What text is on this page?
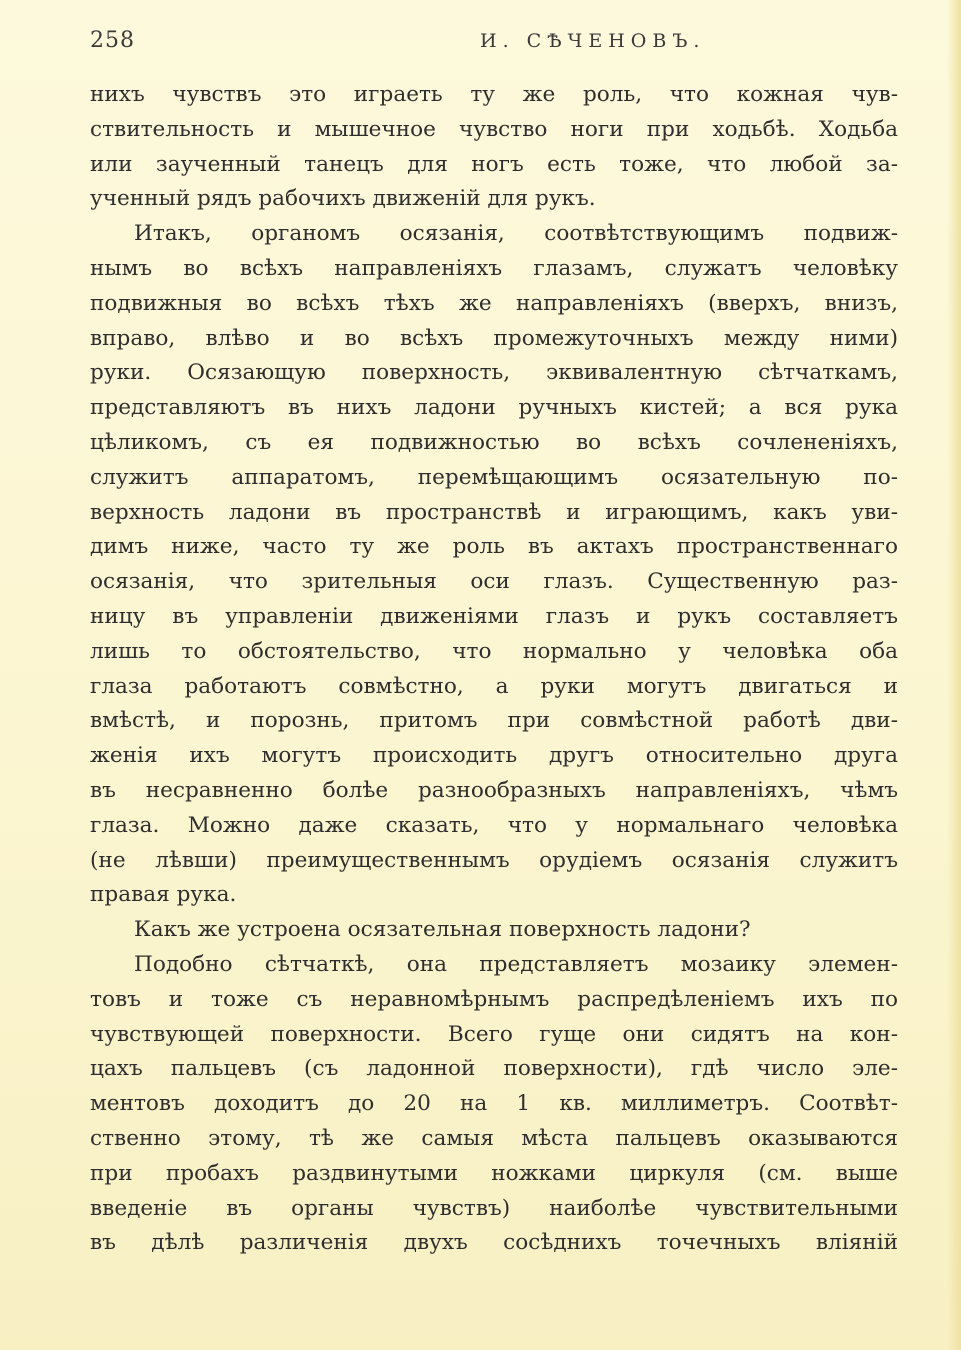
258	И. СѢЧЕНОВЪ.
нихъ чувствъ это играеть ту же роль, что кожная чув-
ствительность и мышечное чувство ноги при ходьбѣ. Ходьба
или заученный танецъ для ногъ есть тоже, что любой за-
ученный рядъ рабочихъ движеній для рукъ.
Итакъ, органомъ осязанія, соотвѣтствующимъ подвиж-
нымъ во всѣхъ направленіяхъ глазамъ, служатъ человѣку
подвижныя во всѣхъ тѣхъ же направленіяхъ (вверхъ, внизъ,
вправо, влѣво и во всѣхъ промежуточныхъ между ними)
руки. Осязающую поверхность, эквивалентную сѣтчаткамъ,
представляютъ въ нихъ ладони ручныхъ кистей; а вся рука
цѣликомъ, съ ея подвижностью во всѣхъ сочлененіяхъ,
служитъ аппаратомъ, перемѣщающимъ осязательную по-
верхность ладони въ пространствѣ и играющимъ, какъ уви-
димъ ниже, часто ту же роль въ актахъ пространственнаго
осязанія, что зрительныя оси глазъ. Существенную раз-
ницу въ управленіи движеніями глазъ и рукъ составляетъ
лишь то обстоятельство, что нормально у человѣка оба
глаза работаютъ совмѣстно, а руки могутъ двигаться и
вмѣстѣ, и порознь, притомъ при совмѣстной работѣ дви-
женія ихъ могутъ происходить другъ относительно друга
въ несравненно болѣе разнообразныхъ направленіяхъ, чѣмъ
глаза. Можно даже сказать, что у нормальнаго человѣка
(не лѣвши) преимущественнымъ орудіемъ осязанія служитъ
правая рука.
Какъ же устроена осязательная поверхность ладони?
Подобно сѣтчаткѣ, она представляетъ мозаику элемен-
товъ и тоже съ неравномѣрнымъ распредѣленіемъ ихъ по
чувствующей поверхности. Всего гуще они сидятъ на кон-
цахъ пальцевъ (съ ладонной поверхности), гдѣ число эле-
ментовъ доходитъ до 20 на 1 кв. миллиметръ. Соотвѣт-
ственно этому, тѣ же самыя мѣста пальцевъ оказываются
при пробахъ раздвинутыми ножками циркуля (см. выше
введеніе въ органы чувствъ) наиболѣе чувствительными
въ дѣлѣ различенія двухъ сосѣднихъ точечныхъ вліяній
